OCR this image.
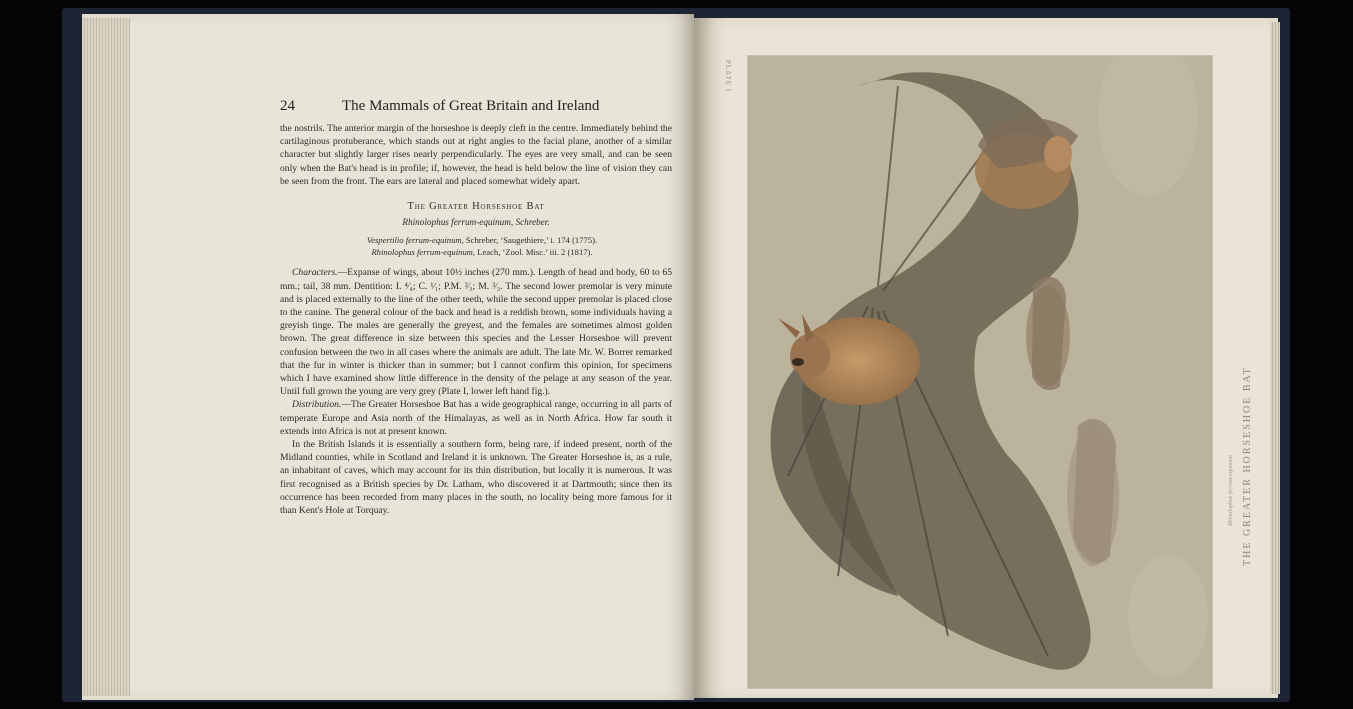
24	The Mammals of Great Britain and Ireland

the nostrils. The anterior margin of the horseshoe is deeply cleft in the centre. Immediately behind the cartilaginous protuberance, which stands out at right angles to the facial plane, another of a similar character but slightly larger rises nearly perpendicularly. The eyes are very small, and can be seen only when the Bat's head is in profile; if, however, the head is held below the line of vision they can be seen from the front. The ears are lateral and placed somewhat widely apart.

The Greater Horseshoe Bat
Rhinolophus ferrum-equinum, Schreber.

Vespertilio ferrum-equinum, Schreber, ‘Saugethiere,’ i. 174 (1775).

Rhinolophus ferrum-equinum, Leach, ‘Zool. Misc.’ iii. 2 (1817).

Characters.—Expanse of wings, about 10½ inches (270 mm.). Length of head and body, 60 to 65 mm.; tail, 38 mm. Dentition: I. ⁴⁄₄; C. ¹⁄₁; P.M. ²⁄₃; M. ³⁄₃. The second lower premolar is very minute and is placed externally to the line of the other teeth, while the second upper premolar is placed close to the canine. The general colour of the back and head is a reddish brown, some individuals having a greyish tinge. The males are generally the greyest, and the females are sometimes almost golden brown. The great difference in size between this species and the Lesser Horseshoe will prevent confusion between the two in all cases where the animals are adult. The late Mr. W. Borrer remarked that the fur in winter is thicker than in summer; but I cannot confirm this opinion, for specimens which I have examined show little difference in the density of the pelage at any season of the year. Until full grown the young are very grey (Plate I, lower left hand fig.).

Distribution.—The Greater Horseshoe Bat has a wide geographical range, occurring in all parts of temperate Europe and Asia north of the Himalayas, as well as in North Africa. How far south it extends into Africa is not at present known.

In the British Islands it is essentially a southern form, being rare, if indeed present, north of the Midland counties, while in Scotland and Ireland it is unknown. The Greater Horseshoe is, as a rule, an inhabitant of caves, which may account for its thin distribution, but locally it is numerous. It was first recognised as a British species by Dr. Latham, who discovered it at Dartmouth; since then its occurrence has been recorded from many places in the south, no locality being more famous for it than Kent's Hole at Torquay.

PLATE I
THE GREATER HORSESHOE BAT
Rhinolophus ferrum-equinum
